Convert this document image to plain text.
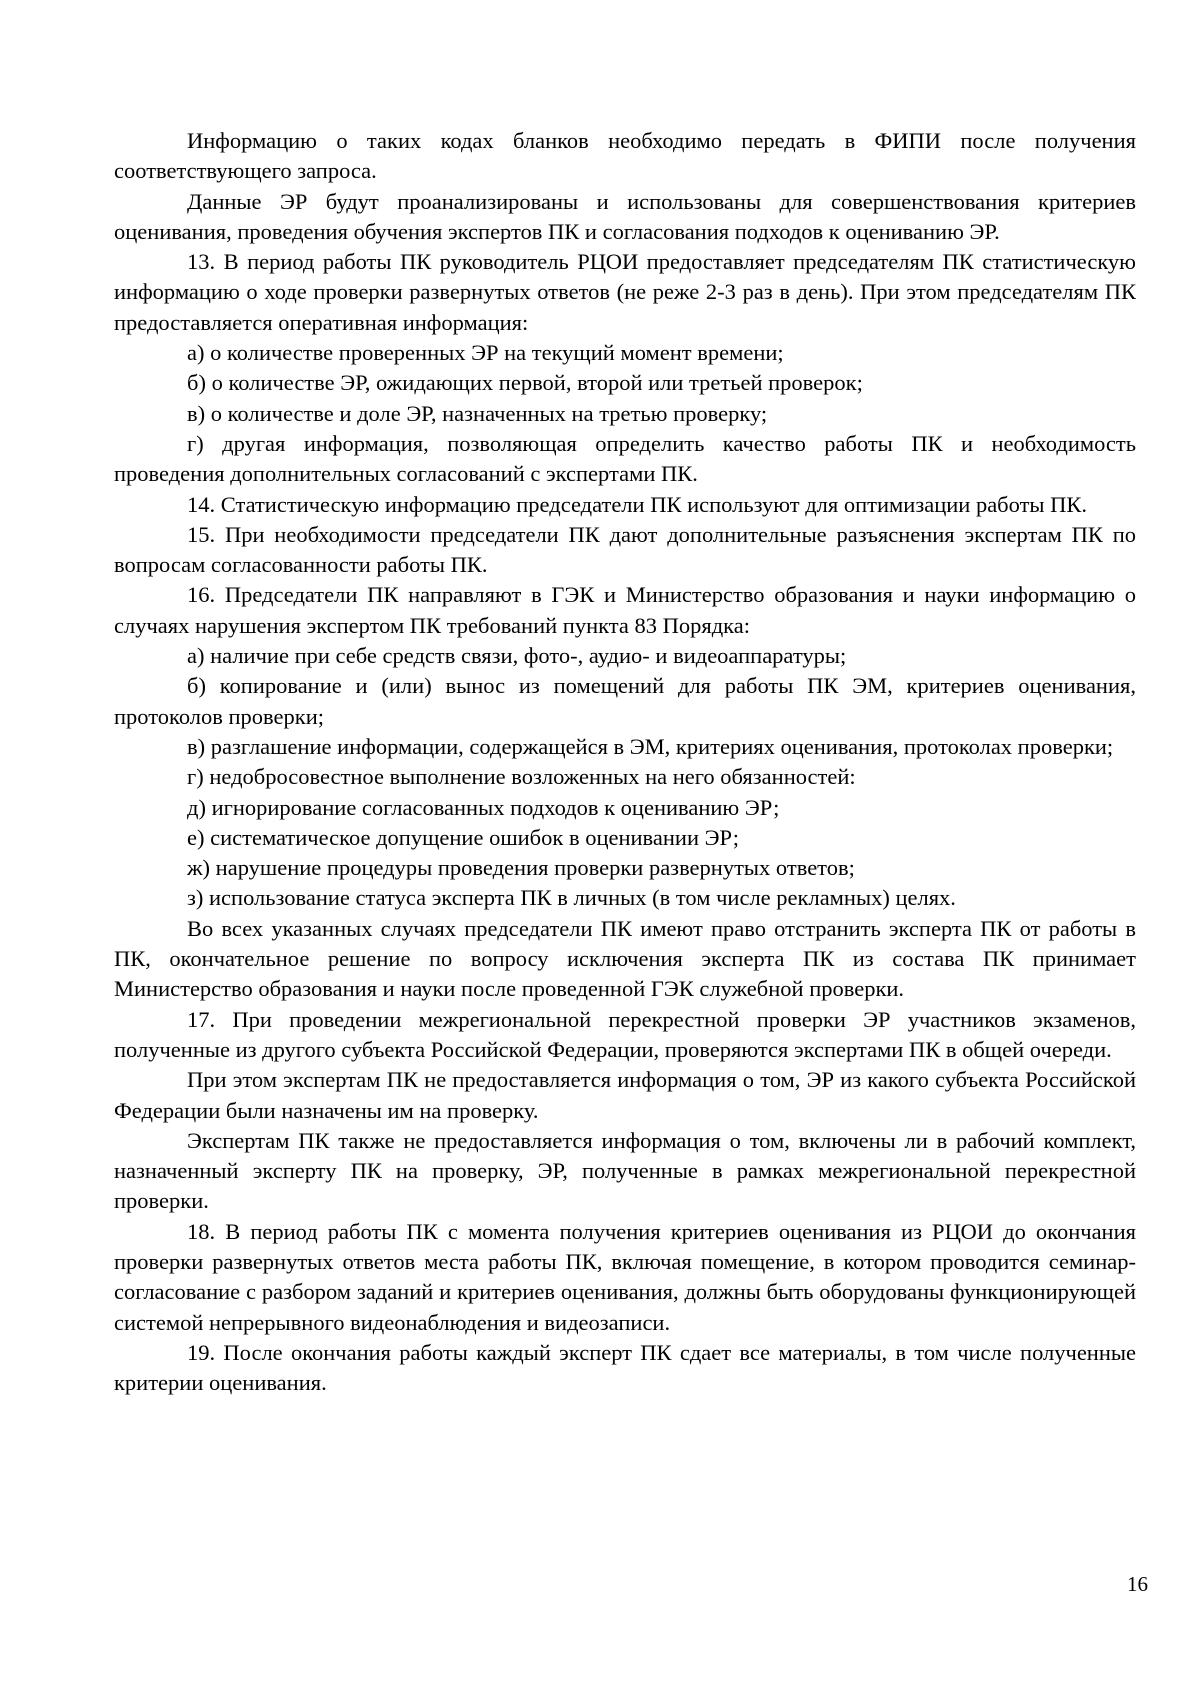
Информацию о таких кодах бланков необходимо передать в ФИПИ после получения соответствующего запроса.

Данные ЭР будут проанализированы и использованы для совершенствования критериев оценивания, проведения обучения экспертов ПК и согласования подходов к оцениванию ЭР.

13. В период работы ПК руководитель РЦОИ предоставляет председателям ПК статистическую информацию о ходе проверки развернутых ответов (не реже 2-3 раз в день). При этом председателям ПК предоставляется оперативная информация:

а) о количестве проверенных ЭР на текущий момент времени;

б) о количестве ЭР, ожидающих первой, второй или третьей проверок;

в) о количестве и доле ЭР, назначенных на третью проверку;

г) другая информация, позволяющая определить качество работы ПК и необходимость проведения дополнительных согласований с экспертами ПК.

14. Статистическую информацию председатели ПК используют для оптимизации работы ПК.

15. При необходимости председатели ПК дают дополнительные разъяснения экспертам ПК по вопросам согласованности работы ПК.

16. Председатели ПК направляют в ГЭК и Министерство образования и науки информацию о случаях нарушения экспертом ПК требований пункта 83 Порядка:

а) наличие при себе средств связи, фото-, аудио- и видеоаппаратуры;

б) копирование и (или) вынос из помещений для работы ПК ЭМ, критериев оценивания, протоколов проверки;

в) разглашение информации, содержащейся в ЭМ, критериях оценивания, протоколах проверки;

г) недобросовестное выполнение возложенных на него обязанностей:

д) игнорирование согласованных подходов к оцениванию ЭР;

е) систематическое допущение ошибок в оценивании ЭР;

ж) нарушение процедуры проведения проверки развернутых ответов;

з) использование статуса эксперта ПК в личных (в том числе рекламных) целях.

Во всех указанных случаях председатели ПК имеют право отстранить эксперта ПК от работы в ПК, окончательное решение по вопросу исключения эксперта ПК из состава ПК принимает Министерство образования и науки после проведенной ГЭК служебной проверки.

17. При проведении межрегиональной перекрестной проверки ЭР участников экзаменов, полученные из другого субъекта Российской Федерации, проверяются экспертами ПК в общей очереди.

При этом экспертам ПК не предоставляется информация о том, ЭР из какого субъекта Российской Федерации были назначены им на проверку.

Экспертам ПК также не предоставляется информация о том, включены ли в рабочий комплект, назначенный эксперту ПК на проверку, ЭР, полученные в рамках межрегиональной перекрестной проверки.

18. В период работы ПК с момента получения критериев оценивания из РЦОИ до окончания проверки развернутых ответов места работы ПК, включая помещение, в котором проводится семинар-согласование с разбором заданий и критериев оценивания, должны быть оборудованы функционирующей системой непрерывного видеонаблюдения и видеозаписи.

19. После окончания работы каждый эксперт ПК сдает все материалы, в том числе полученные критерии оценивания.

16
